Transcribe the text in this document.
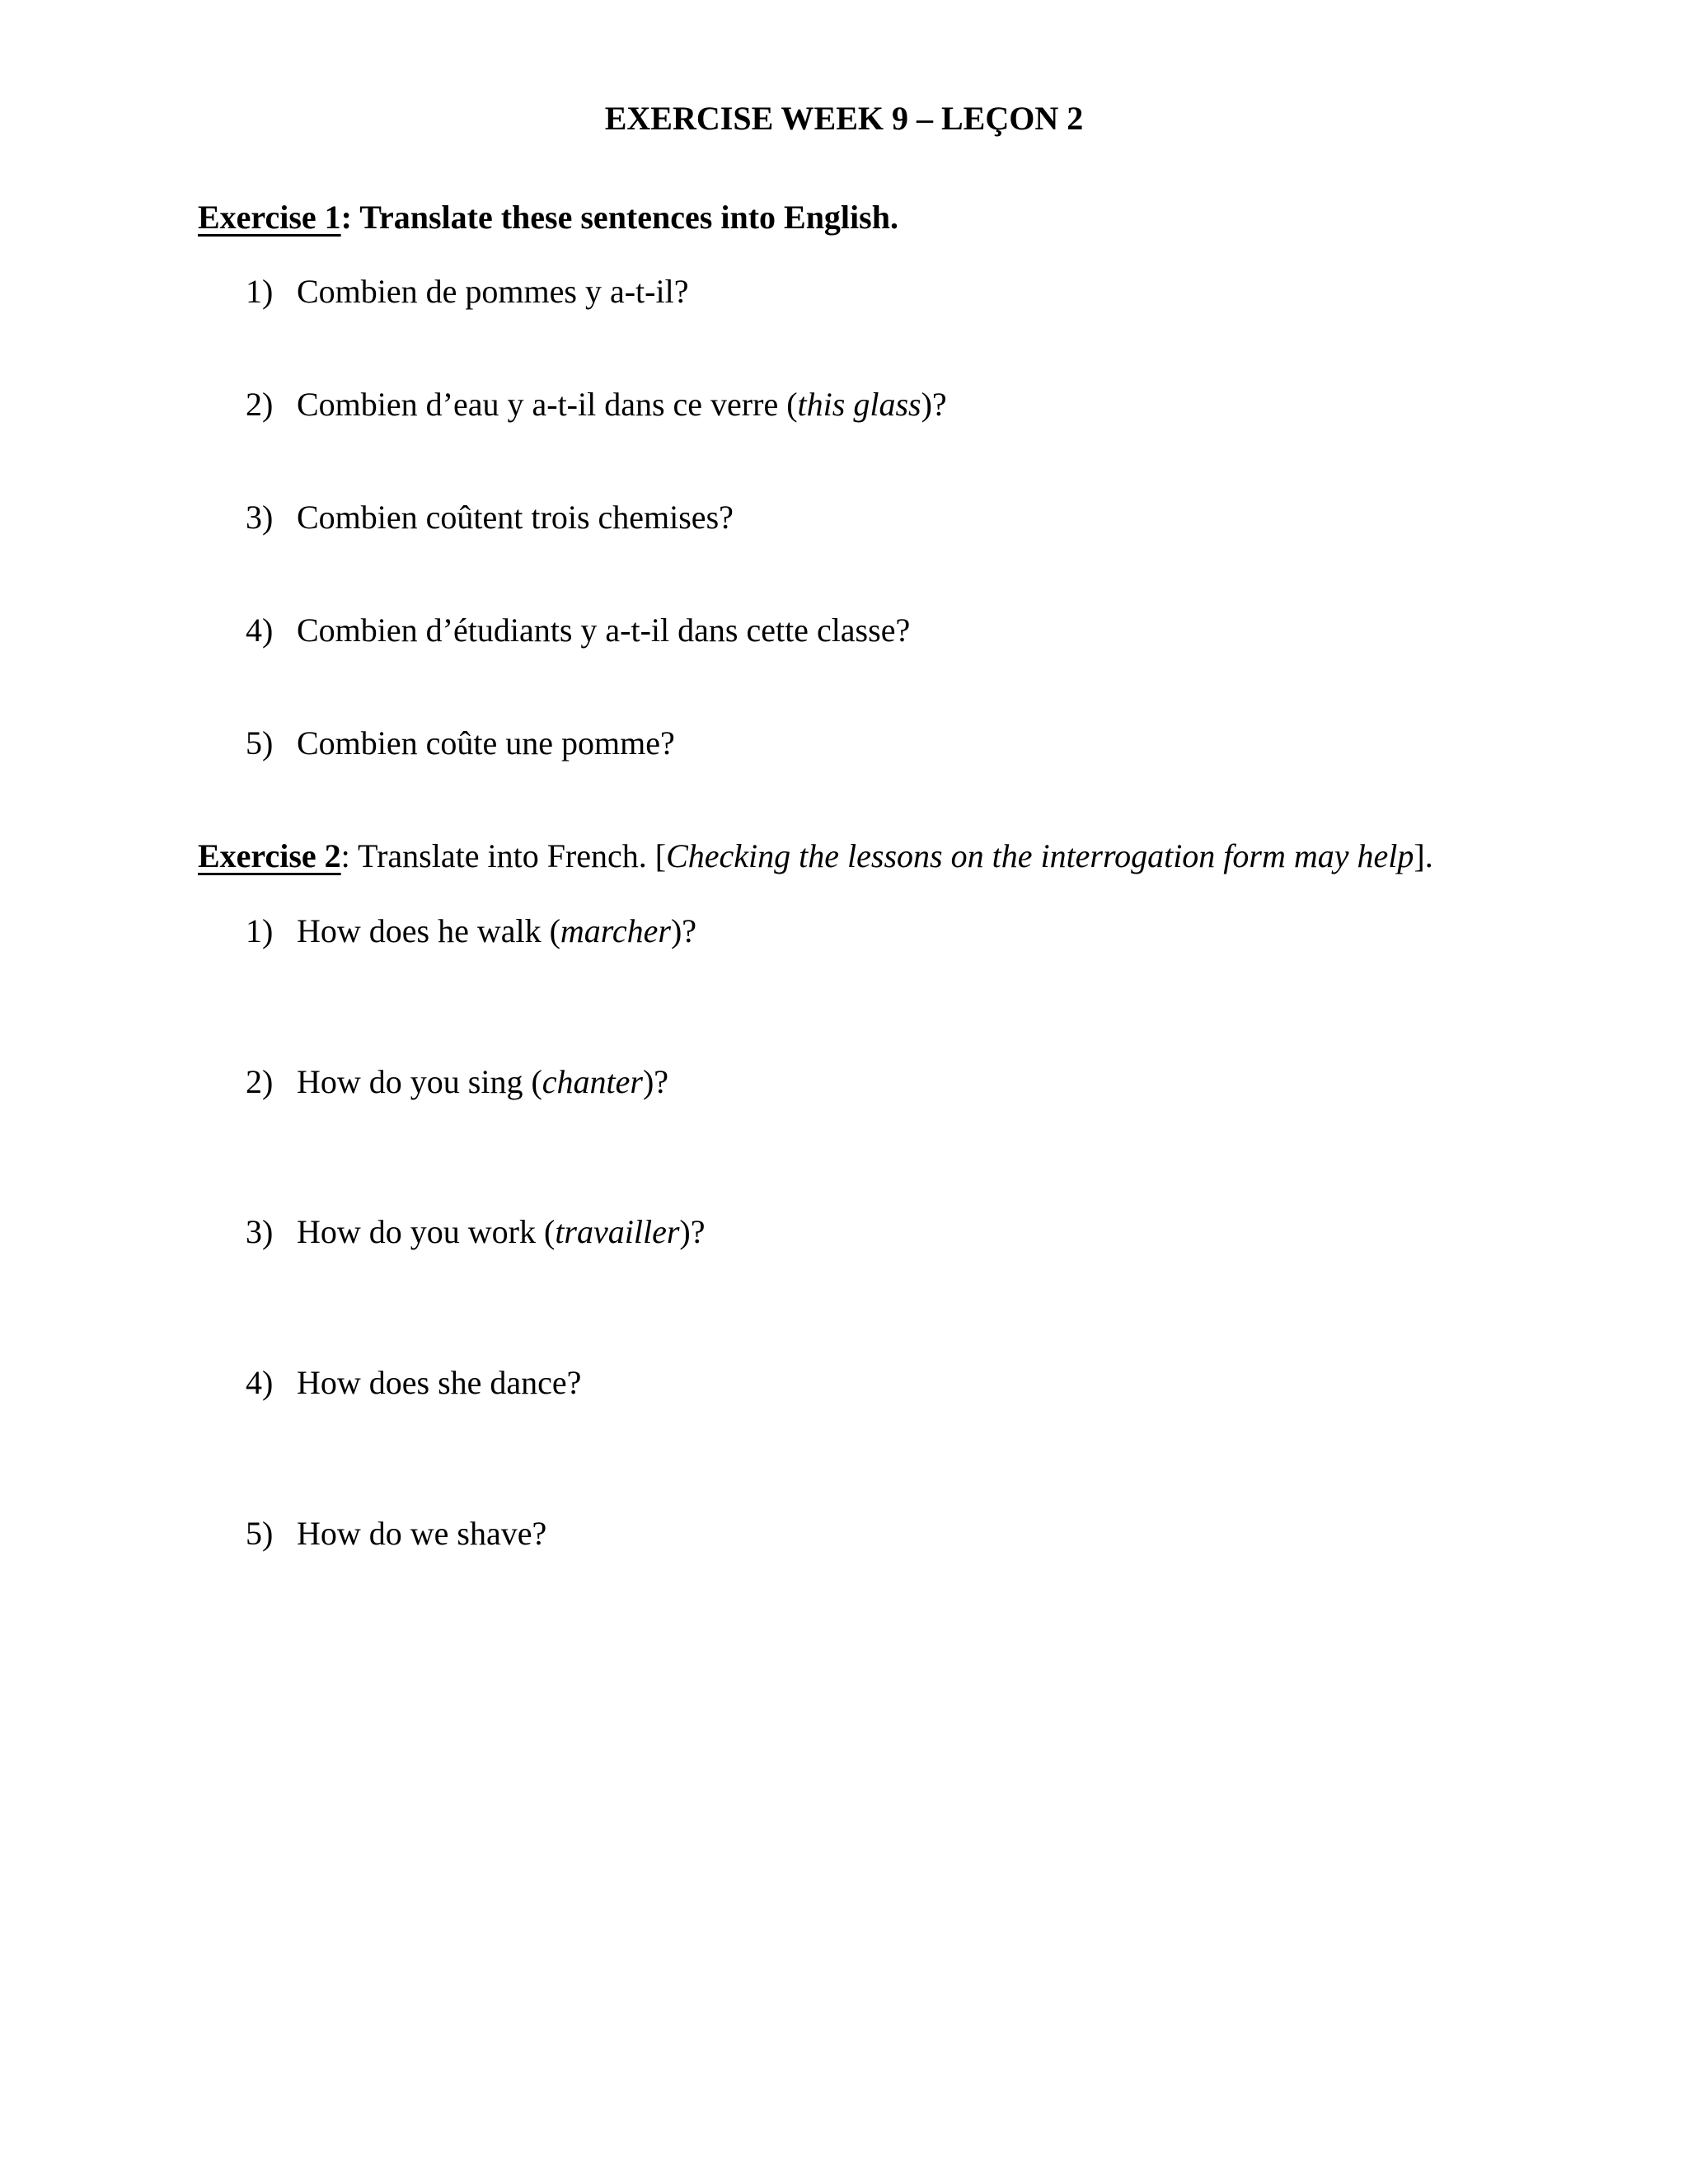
EXERCISE WEEK 9 – LEÇON 2
Exercise 1: Translate these sentences into English.
1) Combien de pommes y a-t-il?
2) Combien d’eau y a-t-il dans ce verre (this glass)?
3) Combien coûtent trois chemises?
4) Combien d’étudiants y a-t-il dans cette classe?
5) Combien coûte une pomme?
Exercise 2: Translate into French. [Checking the lessons on the interrogation form may help].
1) How does he walk (marcher)?
2) How do you sing (chanter)?
3) How do you work (travailler)?
4) How does she dance?
5) How do we shave?
